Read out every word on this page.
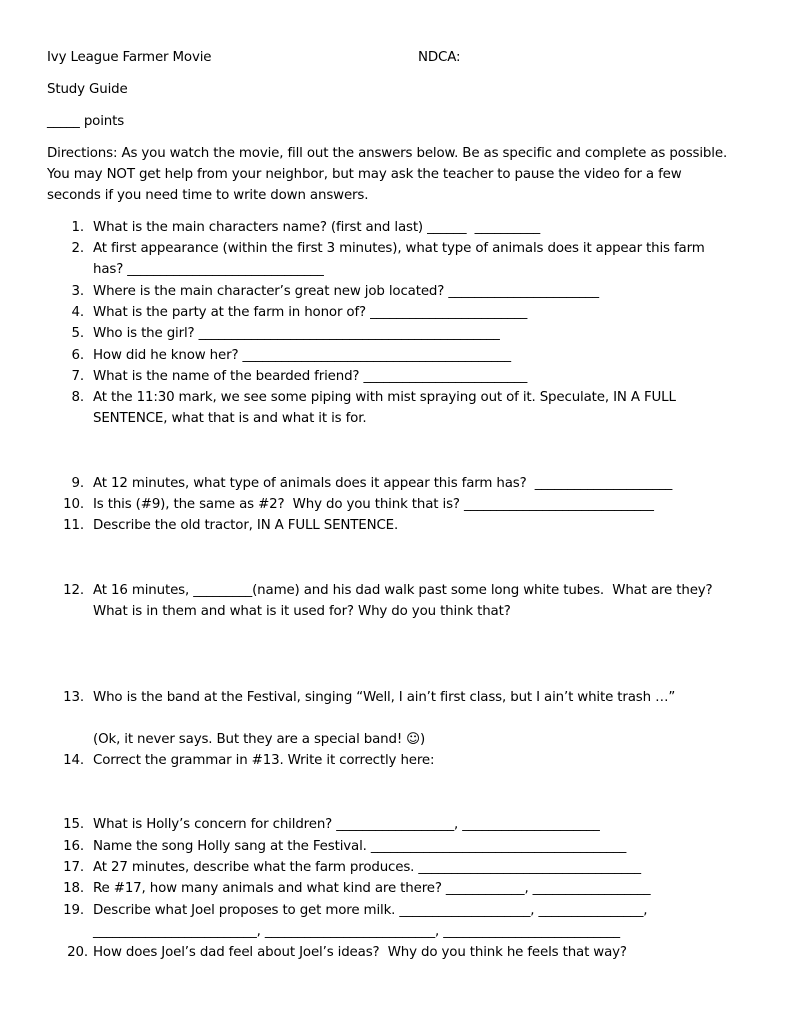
Ivy League Farmer Movie	NDCA:
Study Guide
_____ points
Directions: As you watch the movie, fill out the answers below. Be as specific and complete as possible.
You may NOT get help from your neighbor, but may ask the teacher to pause the video for a few
seconds if you need time to write down answers.
1. What is the main characters name? (first and last) ______  __________
2. At first appearance (within the first 3 minutes), what type of animals does it appear this farm
has? ______________________________
3. Where is the main character’s great new job located? _______________________
4. What is the party at the farm in honor of? ________________________
5. Who is the girl? ______________________________________________
6. How did he know her? _________________________________________
7. What is the name of the bearded friend? _________________________
8. At the 11:30 mark, we see some piping with mist spraying out of it. Speculate, IN A FULL
SENTENCE, what that is and what it is for.
9. At 12 minutes, what type of animals does it appear this farm has?  _____________________
10. Is this (#9), the same as #2?  Why do you think that is? _____________________________
11. Describe the old tractor, IN A FULL SENTENCE.
12. At 16 minutes, _________(name) and his dad walk past some long white tubes.  What are they?
What is in them and what is it used for? Why do you think that?
13. Who is the band at the Festival, singing “Well, I ain’t first class, but I ain’t white trash …”
(Ok, it never says. But they are a special band! ☺)
14. Correct the grammar in #13. Write it correctly here:
15. What is Holly’s concern for children? __________________, _____________________
16. Name the song Holly sang at the Festival. _______________________________________
17. At 27 minutes, describe what the farm produces. __________________________________
18. Re #17, how many animals and what kind are there? ____________, __________________
19. Describe what Joel proposes to get more milk. ____________________, ________________,
_________________________, __________________________, ___________________________
20. How does Joel’s dad feel about Joel’s ideas?  Why do you think he feels that way?
